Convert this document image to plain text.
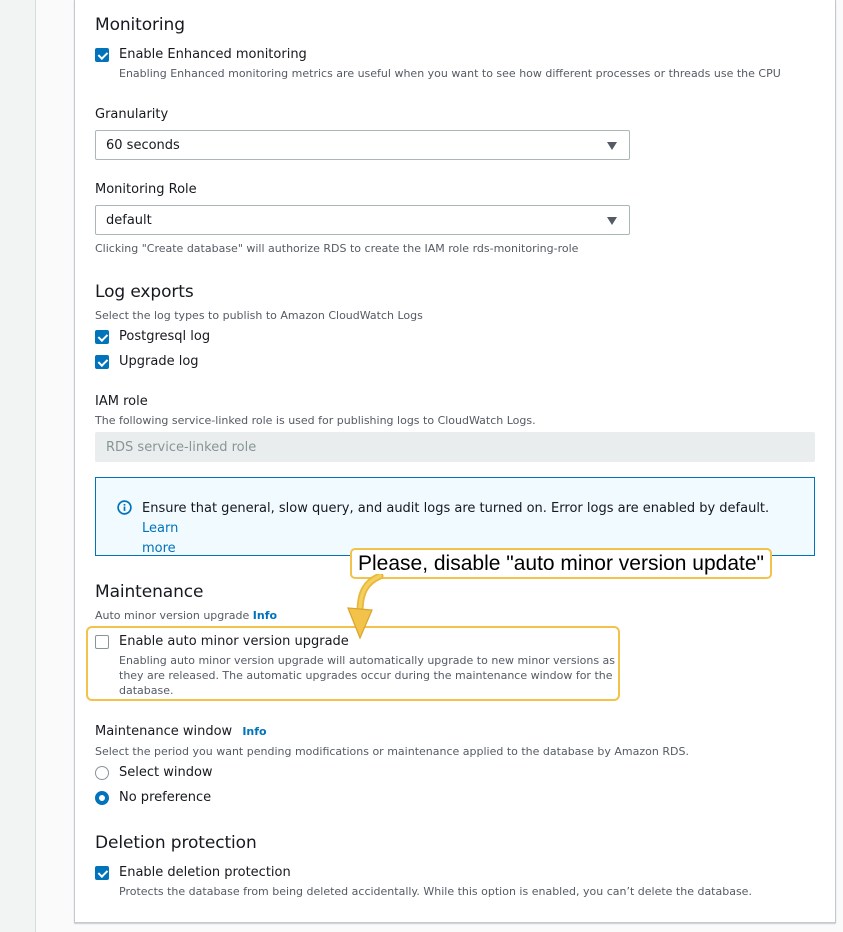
Monitoring
Enable Enhanced monitoring
Enabling Enhanced monitoring metrics are useful when you want to see how different processes or threads use the CPU
Granularity
60 seconds
Monitoring Role
default
Clicking "Create database" will authorize RDS to create the IAM role rds-monitoring-role
Log exports
Select the log types to publish to Amazon CloudWatch Logs
Postgresql log
Upgrade log
IAM role
The following service-linked role is used for publishing logs to CloudWatch Logs.
RDS service-linked role
Ensure that general, slow query, and audit logs are turned on. Error logs are enabled by default. Learn
more
Maintenance
Auto minor version upgrade Info
Enable auto minor version upgrade
Enabling auto minor version upgrade will automatically upgrade to new minor versions as
they are released. The automatic upgrades occur during the maintenance window for the
database.
Please, disable "auto minor version update"
Maintenance window Info
Select the period you want pending modifications or maintenance applied to the database by Amazon RDS.
Select window
No preference
Deletion protection
Enable deletion protection
Protects the database from being deleted accidentally. While this option is enabled, you can’t delete the database.
